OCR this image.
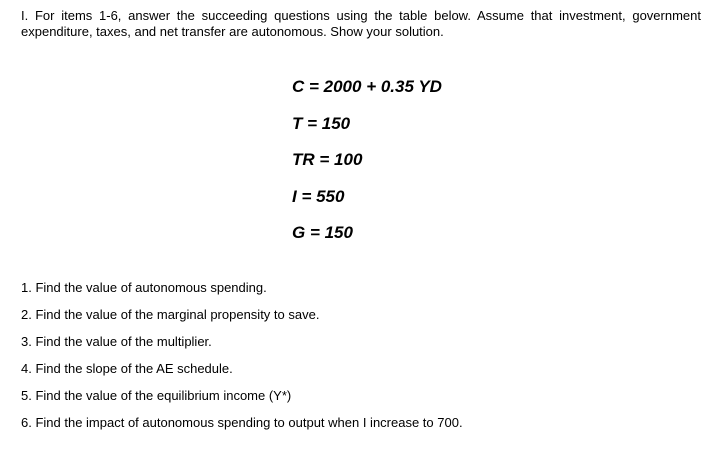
I. For items 1-6, answer the succeeding questions using the table below. Assume that investment, government expenditure, taxes, and net transfer are autonomous. Show your solution.

C = 2000 + 0.35 YD
T = 150
TR = 100
I = 550
G = 150
1. Find the value of autonomous spending.
2. Find the value of the marginal propensity to save.
3. Find the value of the multiplier.
4. Find the slope of the AE schedule.
5. Find the value of the equilibrium income (Y*)
6. Find the impact of autonomous spending to output when I increase to 700.
